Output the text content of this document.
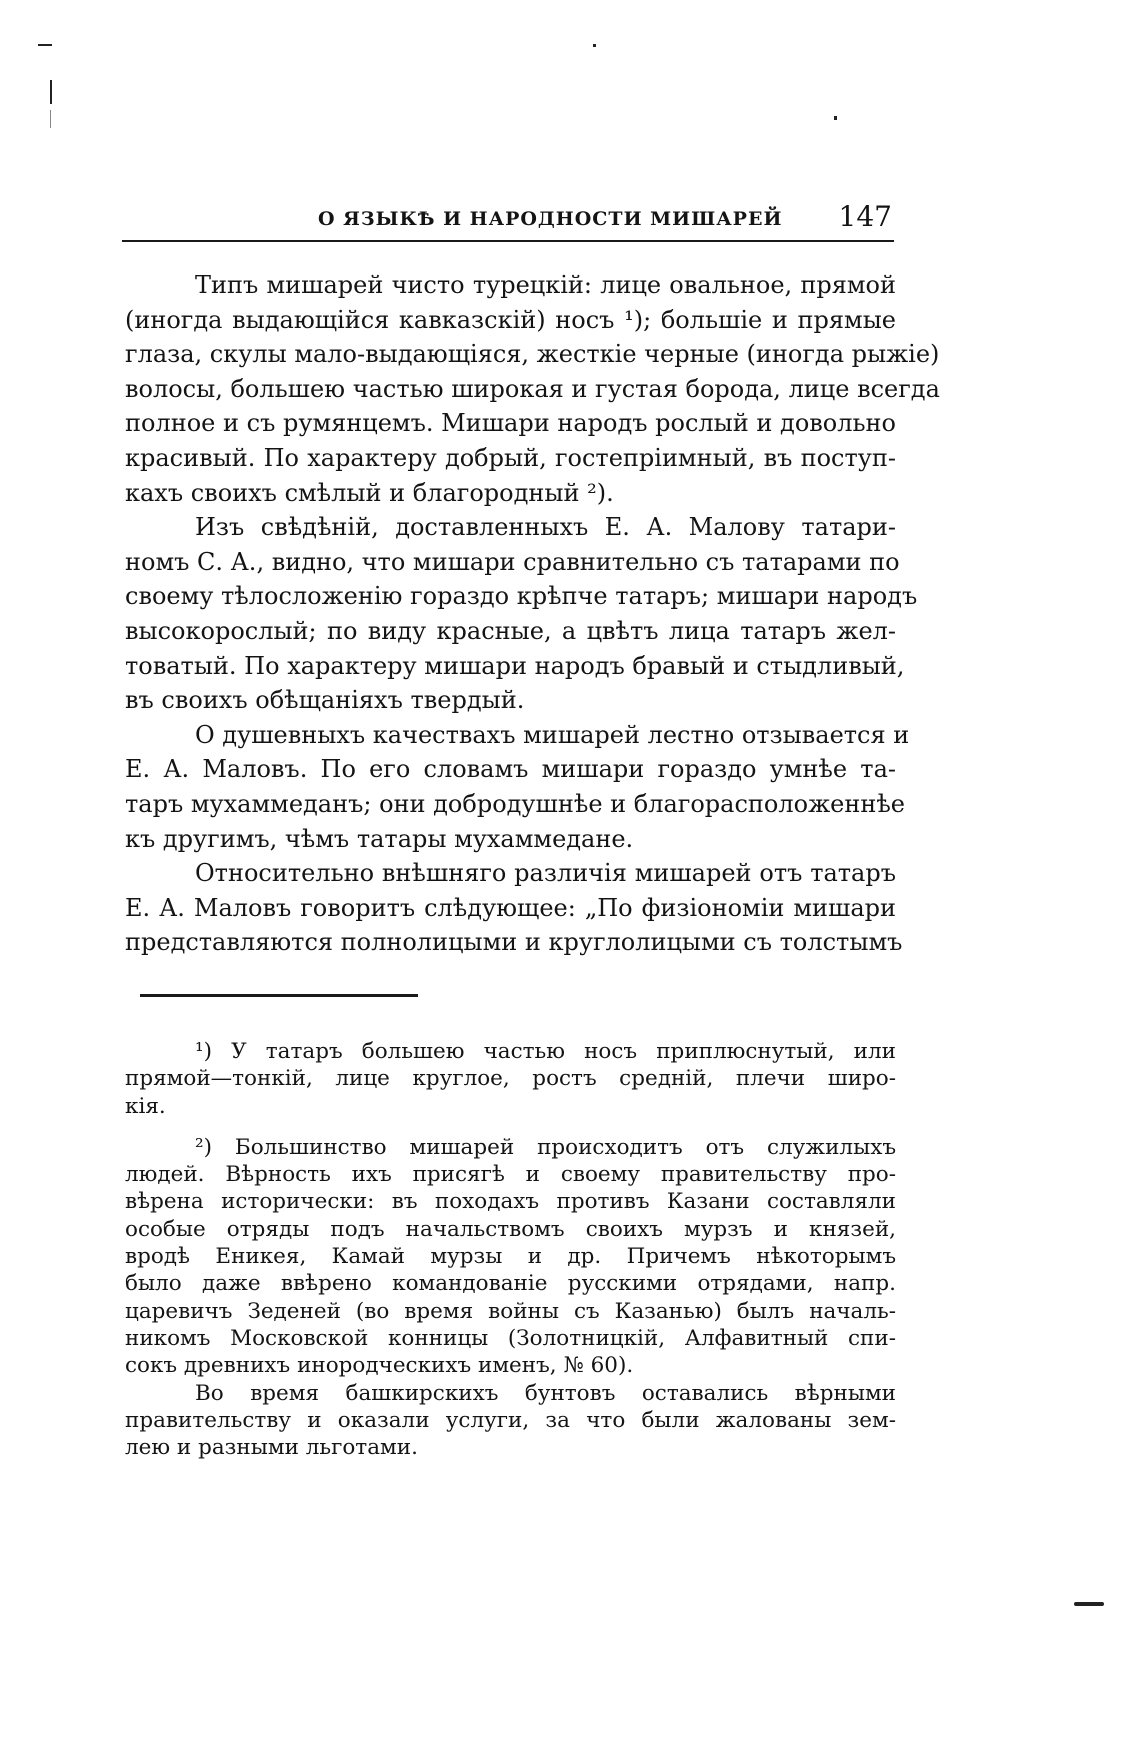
О ЯЗЫКѢ И НАРОДНОСТИ МИШАРЕЙ 147
Типъ мишарей чисто турецкій: лице овальное, прямой
(иногда выдающійся кавказскій) носъ ¹); большіе и прямые
глаза, скулы мало-выдающіяся, жесткіе черные (иногда рыжіе)
волосы, большею частью широкая и густая борода, лице всегда
полное и съ румянцемъ. Мишари народъ рослый и довольно
красивый. По характеру добрый, гостепріимный, въ поступ-
кахъ своихъ смѣлый и благородный ²).
Изъ свѣдѣній, доставленныхъ Е. А. Малову татари-
номъ С. А., видно, что мишари сравнительно съ татарами по
своему тѣлосложенію гораздо крѣпче татаръ; мишари народъ
высокорослый; по виду красные, а цвѣтъ лица татаръ жел-
товатый. По характеру мишари народъ бравый и стыдливый,
въ своихъ обѣщаніяхъ твердый.
О душевныхъ качествахъ мишарей лестно отзывается и
Е. А. Маловъ. По его словамъ мишари гораздо умнѣе та-
таръ мухаммеданъ; они добродушнѣе и благорасположеннѣе
къ другимъ, чѣмъ татары мухаммедане.
Относительно внѣшняго различія мишарей отъ татаръ
Е. А. Маловъ говоритъ слѣдующее: „По физіономіи мишари
представляются полнолицыми и круглолицыми съ толстымъ
¹) У татаръ большею частью носъ приплюснутый, или
прямой—тонкій, лице круглое, ростъ средній, плечи широ-
кія.
²) Большинство мишарей происходитъ отъ служилыхъ
людей. Вѣрность ихъ присягѣ и своему правительству про-
вѣрена исторически: въ походахъ противъ Казани составляли
особые отряды подъ начальствомъ своихъ мурзъ и князей,
вродѣ Еникея, Камай мурзы и др. Причемъ нѣкоторымъ
было даже ввѣрено командованіе русскими отрядами, напр.
царевичъ Зеденей (во время войны съ Казанью) былъ началь-
никомъ Московской конницы (Золотницкій, Алфавитный спи-
сокъ древнихъ инородческихъ именъ, № 60).
Во время башкирскихъ бунтовъ оставались вѣрными
правительству и оказали услуги, за что были жалованы зем-
лею и разными льготами.
